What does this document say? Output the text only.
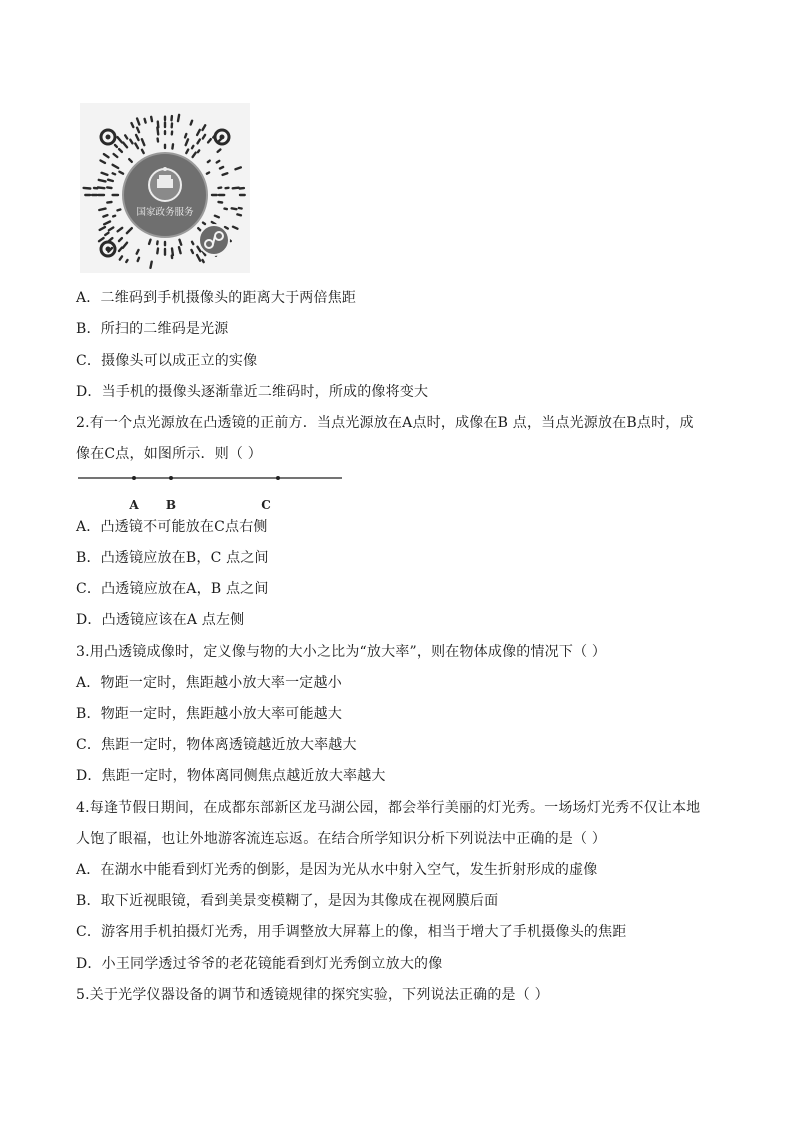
国家政务服务
A．二维码到手机摄像头的距离大于两倍焦距
B．所扫的二维码是光源
C．摄像头可以成正立的实像
D．当手机的摄像头逐渐靠近二维码时，所成的像将变大
2.有一个点光源放在凸透镜的正前方．当点光源放在A点时，成像在B 点，当点光源放在B点时，成
像在C点，如图所示．则（ ）
A B	C
A．凸透镜不可能放在C点右侧
B．凸透镜应放在B，C 点之间
C．凸透镜应放在A，B 点之间
D．凸透镜应该在A 点左侧
3.用凸透镜成像时，定义像与物的大小之比为“放大率”，则在物体成像的情况下（ ）
A．物距一定时，焦距越小放大率一定越小
B．物距一定时，焦距越小放大率可能越大
C．焦距一定时，物体离透镜越近放大率越大
D．焦距一定时，物体离同侧焦点越近放大率越大
4.每逢节假日期间，在成都东部新区龙马湖公园，都会举行美丽的灯光秀。一场场灯光秀不仅让本地
人饱了眼福，也让外地游客流连忘返。在结合所学知识分析下列说法中正确的是（ ）
A．在湖水中能看到灯光秀的倒影，是因为光从水中射入空气，发生折射形成的虚像
B．取下近视眼镜，看到美景变模糊了，是因为其像成在视网膜后面
C．游客用手机拍摄灯光秀，用手调整放大屏幕上的像，相当于增大了手机摄像头的焦距
D．小王同学透过爷爷的老花镜能看到灯光秀倒立放大的像
5.关于光学仪器设备的调节和透镜规律的探究实验，下列说法正确的是（ ）
